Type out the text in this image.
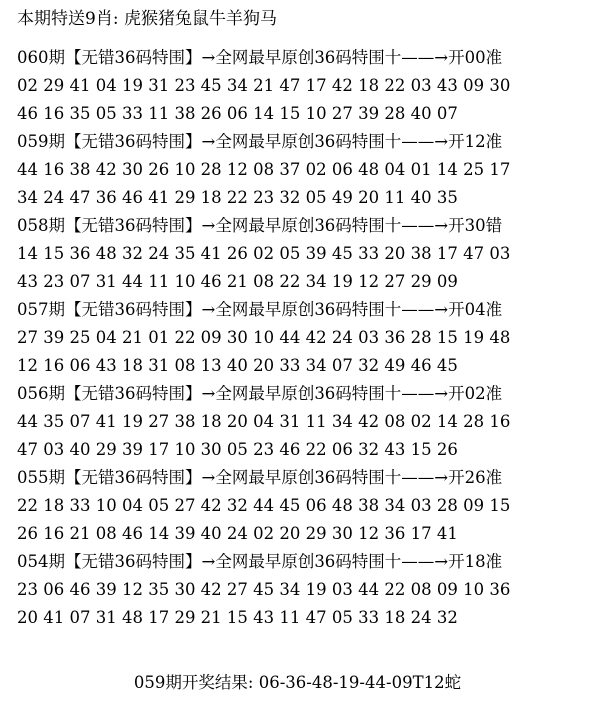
本期特送9肖: 虎猴猪兔鼠牛羊狗马
060期【无错36码特围】→全网最早原创36码特围十——→开00准
02 29 41 04 19 31 23 45 34 21 47 17 42 18 22 03 43 09 30
46 16 35 05 33 11 38 26 06 14 15 10 27 39 28 40 07
059期【无错36码特围】→全网最早原创36码特围十——→开12准
44 16 38 42 30 26 10 28 12 08 37 02 06 48 04 01 14 25 17
34 24 47 36 46 41 29 18 22 23 32 05 49 20 11 40 35
058期【无错36码特围】→全网最早原创36码特围十——→开30错
14 15 36 48 32 24 35 41 26 02 05 39 45 33 20 38 17 47 03
43 23 07 31 44 11 10 46 21 08 22 34 19 12 27 29 09
057期【无错36码特围】→全网最早原创36码特围十——→开04准
27 39 25 04 21 01 22 09 30 10 44 42 24 03 36 28 15 19 48
12 16 06 43 18 31 08 13 40 20 33 34 07 32 49 46 45
056期【无错36码特围】→全网最早原创36码特围十——→开02准
44 35 07 41 19 27 38 18 20 04 31 11 34 42 08 02 14 28 16
47 03 40 29 39 17 10 30 05 23 46 22 06 32 43 15 26
055期【无错36码特围】→全网最早原创36码特围十——→开26准
22 18 33 10 04 05 27 42 32 44 45 06 48 38 34 03 28 09 15
26 16 21 08 46 14 39 40 24 02 20 29 30 12 36 17 41
054期【无错36码特围】→全网最早原创36码特围十——→开18准
23 06 46 39 12 35 30 42 27 45 34 19 03 44 22 08 09 10 36
20 41 07 31 48 17 29 21 15 43 11 47 05 33 18 24 32
059期开奖结果: 06-36-48-19-44-09T12蛇
